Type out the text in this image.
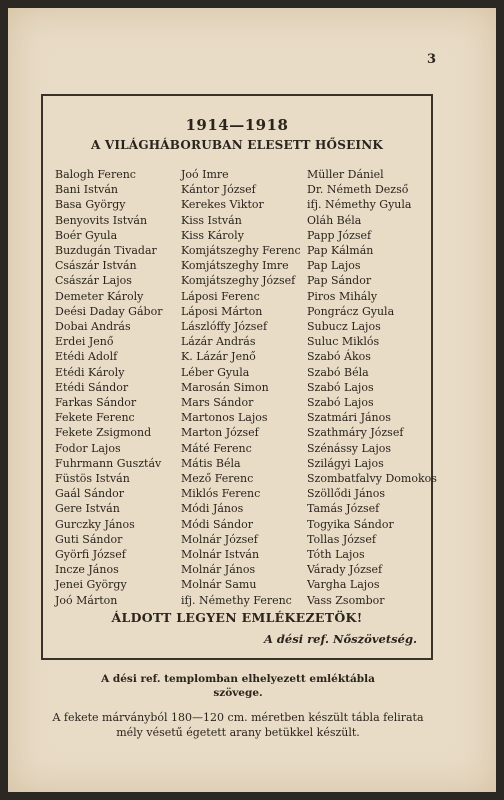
3
1914—1918
A VILÁGHÁBORUBAN ELESETT HŐSEINK
Balogh Ferenc
Bani István
Basa György
Benyovits István
Boér Gyula
Buzdugán Tivadar
Császár István
Császár Lajos
Demeter Károly
Deési Daday Gábor
Dobai András
Erdei Jenő
Etédi Adolf
Etédi Károly
Etédi Sándor
Farkas Sándor
Fekete Ferenc
Fekete Zsigmond
Fodor Lajos
Fuhrmann Gusztáv
Füstös István
Gaál Sándor
Gere István
Gurczky János
Guti Sándor
Györfi József
Incze János
Jenei György
Joó Márton
Joó Imre
Kántor József
Kerekes Viktor
Kiss István
Kiss Károly
Komjátszeghy Ferenc
Komjátszeghy Imre
Komjátszeghy József
Láposi Ferenc
Láposi Márton
Lászlóffy József
Lázár András
K. Lázár Jenő
Léber Gyula
Marosán Simon
Mars Sándor
Martonos Lajos
Marton József
Máté Ferenc
Mátis Béla
Mező Ferenc
Miklós Ferenc
Módi János
Módi Sándor
Molnár József
Molnár István
Molnár János
Molnár Samu
ifj. Némethy Ferenc
Müller Dániel
Dr. Németh Dezső
ifj. Némethy Gyula
Oláh Béla
Papp József
Pap Kálmán
Pap Lajos
Pap Sándor
Piros Mihály
Pongrácz Gyula
Subucz Lajos
Suluc Miklós
Szabó Ákos
Szabó Béla
Szabó Lajos
Szabó Lajos
Szatmári János
Szathmáry József
Szénássy Lajos
Szilágyi Lajos
Szombatfalvy Domokos
Szöllődi János
Tamás József
Togyika Sándor
Tollas József
Tóth Lajos
Várady József
Vargha Lajos
Vass Zsombor
ÁLDOTT LEGYEN EMLÉKEZETÖK!
A dési ref. Nőszövetség.
A dési ref. templomban elhelyezett emléktábla
szövege.
A fekete márványból 180—120 cm. méretben készült tábla felirata
mély vésetű égetett arany betükkel készült.
